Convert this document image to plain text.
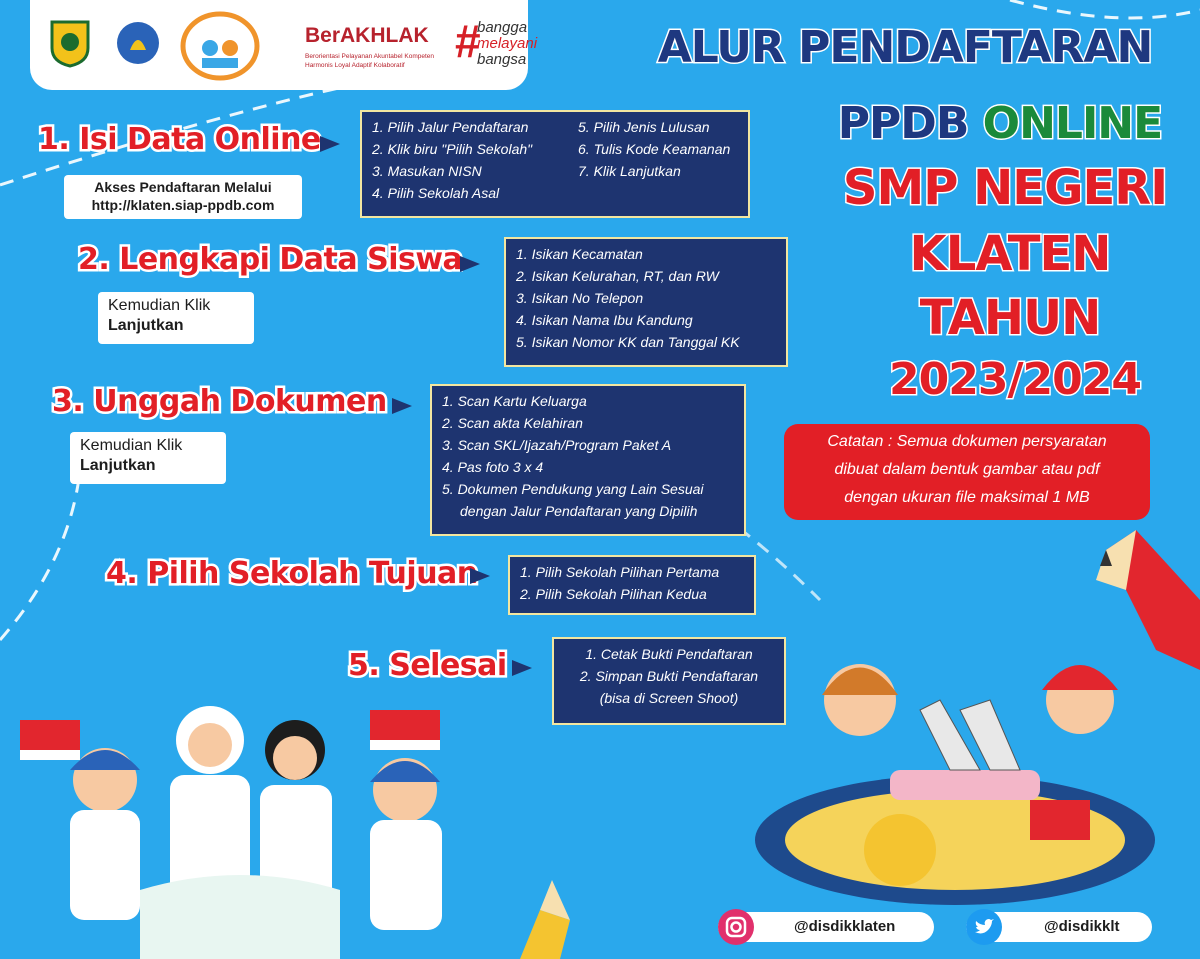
BerAKHLAK
Berorientasi Pelayanan Akuntabel Kompeten
Harmonis Loyal Adaptif Kolaboratif	#
bangga
melayani
bangsa	ALUR PENDAFTARAN
PPDB ONLINE
SMP NEGERI
KLATEN
TAHUN
2023/2024
1. Isi Data Online
Akses Pendaftaran Melalui
http://klaten.siap-ppdb.com
1. Pilih Jalur Pendaftaran
2. Klik biru "Pilih Sekolah"
3. Masukan NISN
4. Pilih Sekolah Asal
5. Pilih Jenis Lulusan
6. Tulis Kode Keamanan
7. Klik Lanjutkan
2. Lengkapi Data Siswa
Kemudian Klik
Lanjutkan
1. Isikan Kecamatan
2. Isikan Kelurahan, RT, dan RW
3. Isikan No Telepon
4. Isikan Nama Ibu Kandung
5. Isikan Nomor KK dan Tanggal KK
3. Unggah Dokumen
Kemudian Klik
Lanjutkan
1. Scan Kartu Keluarga
2. Scan akta Kelahiran
3. Scan SKL/Ijazah/Program Paket A
4. Pas foto 3 x 4
5. Dokumen Pendukung yang Lain Sesuai
dengan Jalur Pendaftaran yang Dipilih
4. Pilih Sekolah Tujuan	1. Pilih Sekolah Pilihan Pertama
2. Pilih Sekolah Pilihan Kedua
5. Selesai	1. Cetak Bukti Pendaftaran
2. Simpan Bukti Pendaftaran
(bisa di Screen Shoot)
Catatan : Semua dokumen persyaratan
dibuat dalam bentuk gambar atau pdf
dengan ukuran file maksimal 1 MB
@disdikklaten	@disdikklt
